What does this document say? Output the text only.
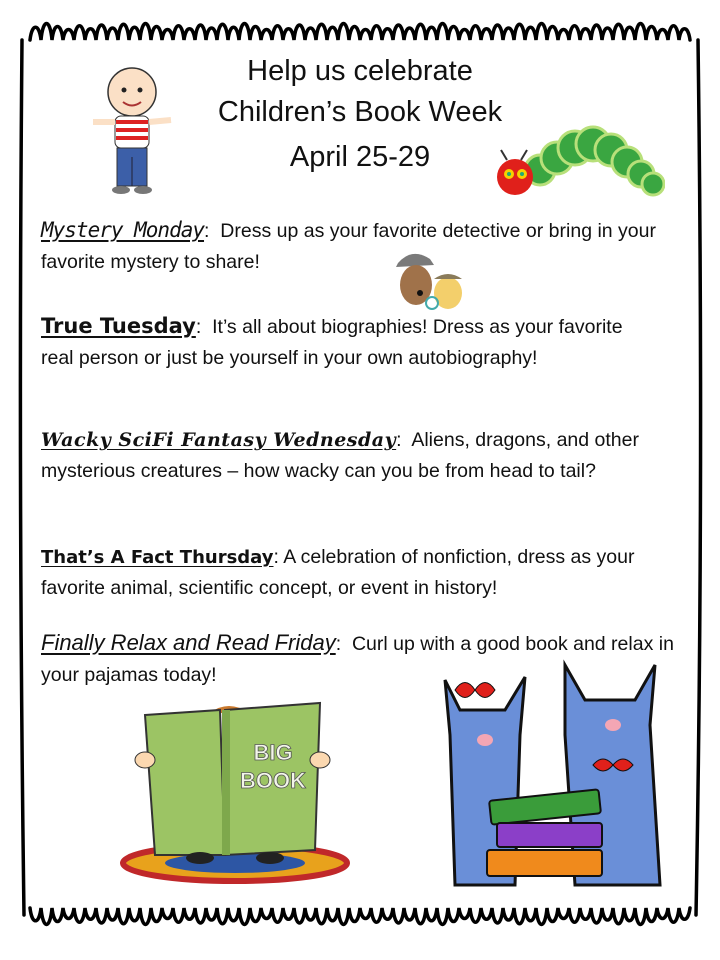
Help us celebrate
Children’s Book Week
April 25-29
Mystery Monday:  Dress up as your favorite detective or bring in your favorite mystery to share!
True Tuesday:  It’s all about biographies! Dress as your favorite real person or just be yourself in your own autobiography!
Wacky SciFi Fantasy Wednesday:  Aliens, dragons, and other mysterious creatures – how wacky can you be from head to tail?
That’s A Fact Thursday: A celebration of nonfiction, dress as your favorite animal, scientific concept, or event in history!
Finally Relax and Read Friday:  Curl up with a good book and relax in your pajamas today!
BIG
BOOK
